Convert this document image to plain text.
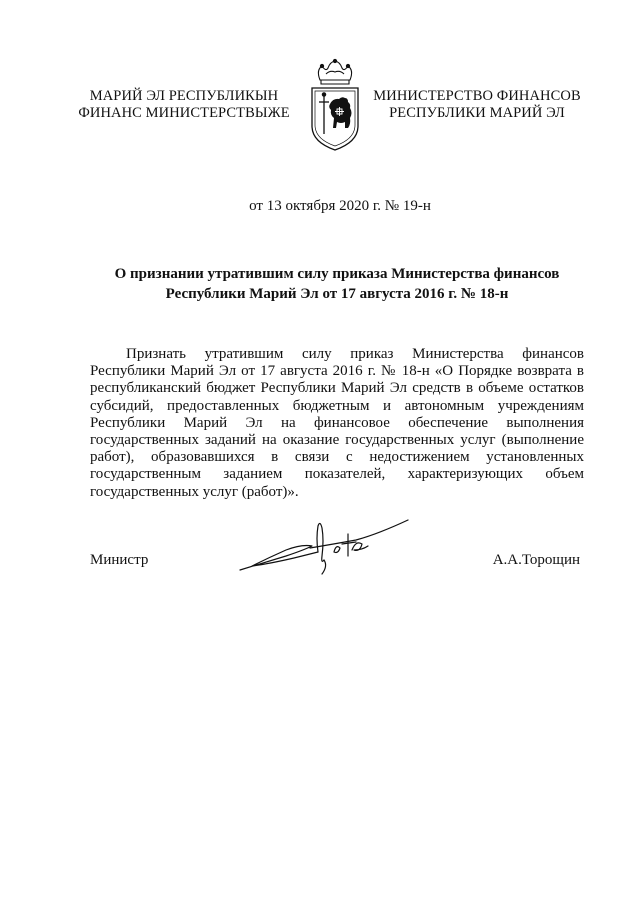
МАРИЙ ЭЛ РЕСПУБЛИКЫН
ФИНАНС МИНИСТЕРСТВЫЖЕ
МИНИСТЕРСТВО ФИНАНСОВ
РЕСПУБЛИКИ МАРИЙ ЭЛ
от 13 октября 2020 г. № 19-н
О признании утратившим силу приказа Министерства финансов
Республики Марий Эл от 17 августа 2016 г. № 18-н
Признать утратившим силу приказ Министерства финансов Республики Марий Эл от 17 августа 2016 г. № 18-н «О Порядке возврата в республиканский бюджет Республики Марий Эл средств в объеме остатков субсидий, предоставленных бюджетным и автономным учреждениям Республики Марий Эл на финансовое обеспечение выполнения государственных заданий на оказание государственных услуг (выполнение работ), образовавшихся в связи с недостижением установленных государственным заданием показателей, характеризующих объем государственных услуг (работ)».
Министр	А.А.Торощин
